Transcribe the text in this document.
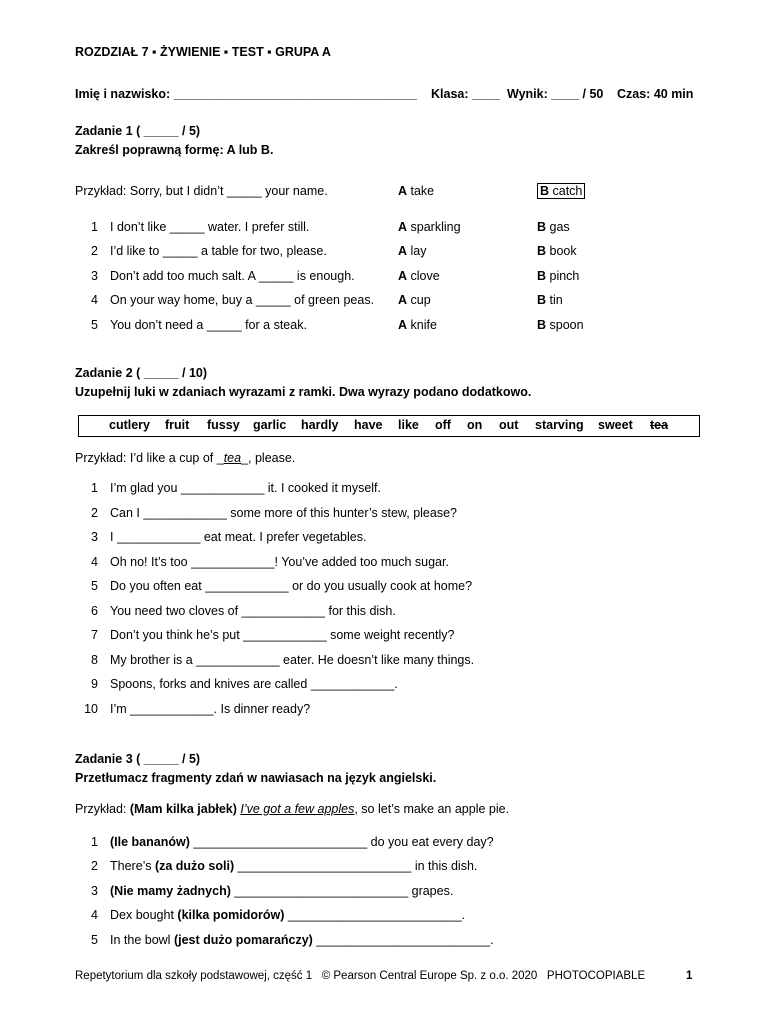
ROZDZIAŁ 7 ▪ ŻYWIENIE ▪ TEST ▪ GRUPA A
Imię i nazwisko: ___________________________________ Klasa: ____ Wynik: ____ / 50 Czas: 40 min
Zadanie 1 ( _____ / 5)
Zakreśl poprawną formę: A lub B.
Przykład: Sorry, but I didn’t _____ your name.	A take	B catch
1 I don’t like _____ water. I prefer still.	A sparkling	B gas
2 I’d like to _____ a table for two, please.	A lay	B book
3 Don’t add too much salt. A _____ is enough.	A clove	B pinch
4 On your way home, buy a _____ of green peas. A cup	B tin
5 You don’t need a _____ for a steak.	A knife	B spoon
Zadanie 2 ( _____ / 10)
Uzupełnij luki w zdaniach wyrazami z ramki. Dwa wyrazy podano dodatkowo.
cutlery fruit fussy garlic hardly have like off on out starving sweet tea
Przykład: I’d like a cup of _tea_, please.
1 I’m glad you ____________ it. I cooked it myself.
2 Can I ____________ some more of this hunter’s stew, please?
3 I ____________ eat meat. I prefer vegetables.
4 Oh no! It’s too ____________! You’ve added too much sugar.
5 Do you often eat ____________ or do you usually cook at home?
6 You need two cloves of ____________ for this dish.
7 Don’t you think he’s put ____________ some weight recently?
8 My brother is a ____________ eater. He doesn’t like many things.
9 Spoons, forks and knives are called ____________.
10 I’m ____________. Is dinner ready?
Zadanie 3 ( _____ / 5)
Przetłumacz fragmenty zdań w nawiasach na język angielski.
Przykład: (Mam kilka jabłek) I’ve got a few apples, so let’s make an apple pie.
1 (Ile bananów) _________________________ do you eat every day?
2 There’s (za dużo soli) _________________________ in this dish.
3 (Nie mamy żadnych) _________________________ grapes.
4 Dex bought (kilka pomidorów) _________________________.
5 In the bowl (jest dużo pomarańczy) _________________________.
Repetytorium dla szkoły podstawowej, część 1   © Pearson Central Europe Sp. z o.o. 2020   PHOTOCOPIABLE	1
